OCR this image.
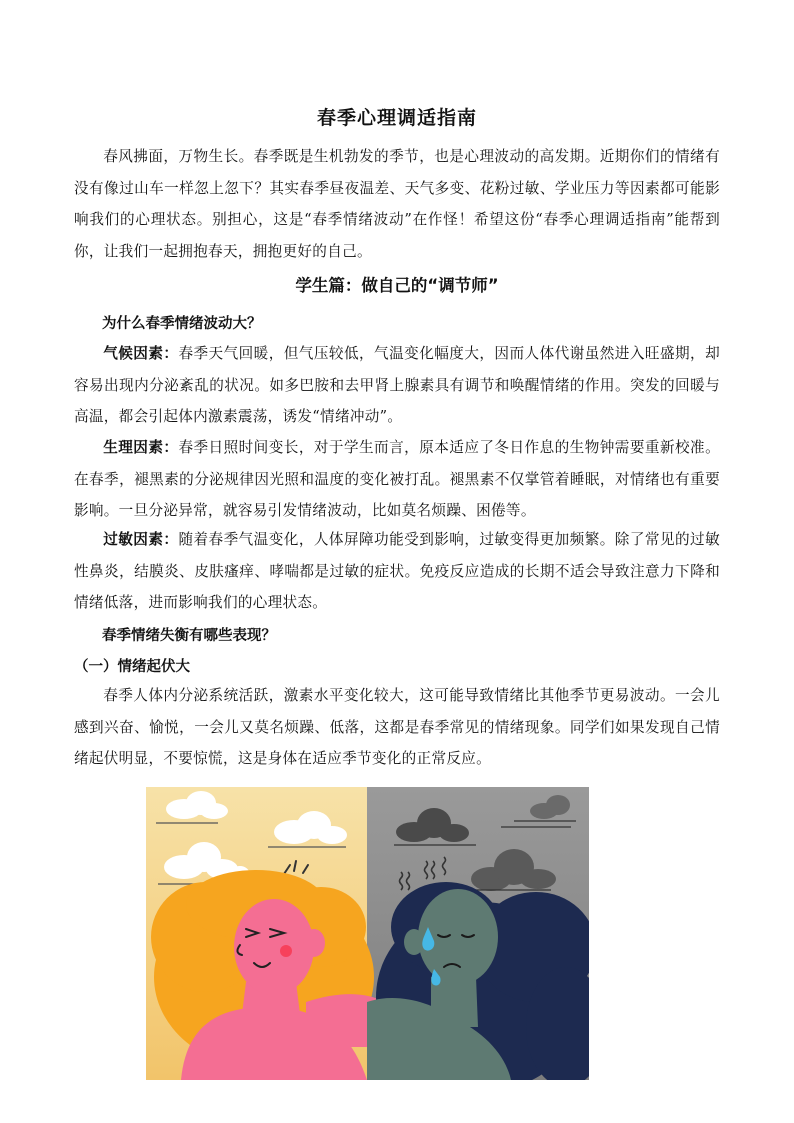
春季心理调适指南

春风拂面，万物生长。春季既是生机勃发的季节，也是心理波动的高发期。近期你们的情绪有没有像过山车一样忽上忽下？其实春季昼夜温差、天气多变、花粉过敏、学业压力等因素都可能影响我们的心理状态。别担心，这是“春季情绪波动”在作怪！希望这份“春季心理调适指南”能帮到你，让我们一起拥抱春天，拥抱更好的自己。

学生篇：做自己的“调节师”
为什么春季情绪波动大？

气候因素：春季天气回暖，但气压较低，气温变化幅度大，因而人体代谢虽然进入旺盛期，却容易出现内分泌紊乱的状况。如多巴胺和去甲肾上腺素具有调节和唤醒情绪的作用。突发的回暖与高温，都会引起体内激素震荡，诱发“情绪冲动”。

生理因素：春季日照时间变长，对于学生而言，原本适应了冬日作息的生物钟需要重新校准。在春季，褪黑素的分泌规律因光照和温度的变化被打乱。褪黑素不仅掌管着睡眠，对情绪也有重要影响。一旦分泌异常，就容易引发情绪波动，比如莫名烦躁、困倦等。

过敏因素：随着春季气温变化，人体屏障功能受到影响，过敏变得更加频繁。除了常见的过敏性鼻炎，结膜炎、皮肤瘙痒、哮喘都是过敏的症状。免疫反应造成的长期不适会导致注意力下降和情绪低落，进而影响我们的心理状态。

春季情绪失衡有哪些表现？
（一）情绪起伏大

春季人体内分泌系统活跃，激素水平变化较大，这可能导致情绪比其他季节更易波动。一会儿感到兴奋、愉悦，一会儿又莫名烦躁、低落，这都是春季常见的情绪现象。同学们如果发现自己情绪起伏明显，不要惊慌，这是身体在适应季节变化的正常反应。
